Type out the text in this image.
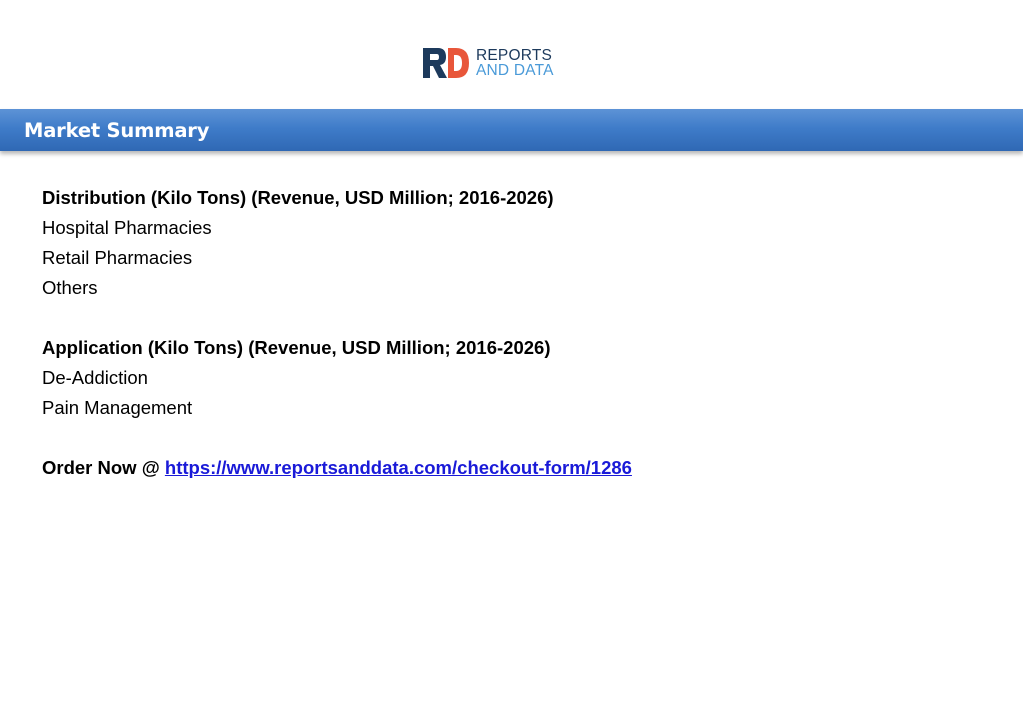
REPORTS
AND DATA
Market Summary
Distribution (Kilo Tons) (Revenue, USD Million; 2016-2026)
Hospital Pharmacies
Retail Pharmacies
Others
Application (Kilo Tons) (Revenue, USD Million; 2016-2026)
De-Addiction
Pain Management
Order Now @ https://www.reportsanddata.com/checkout-form/1286
